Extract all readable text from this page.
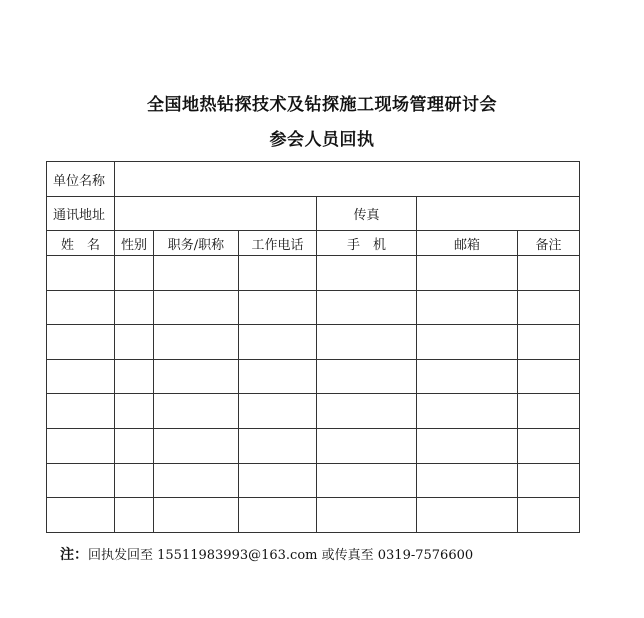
全国地热钻探技术及钻探施工现场管理研讨会
参会人员回执
单位名称						
通讯地址				传真		
姓　名	性别	职务/职称	工作电话	手　机	邮箱	备注

注：回执发回至 15511983993@163.com 或传真至 0319-7576600
